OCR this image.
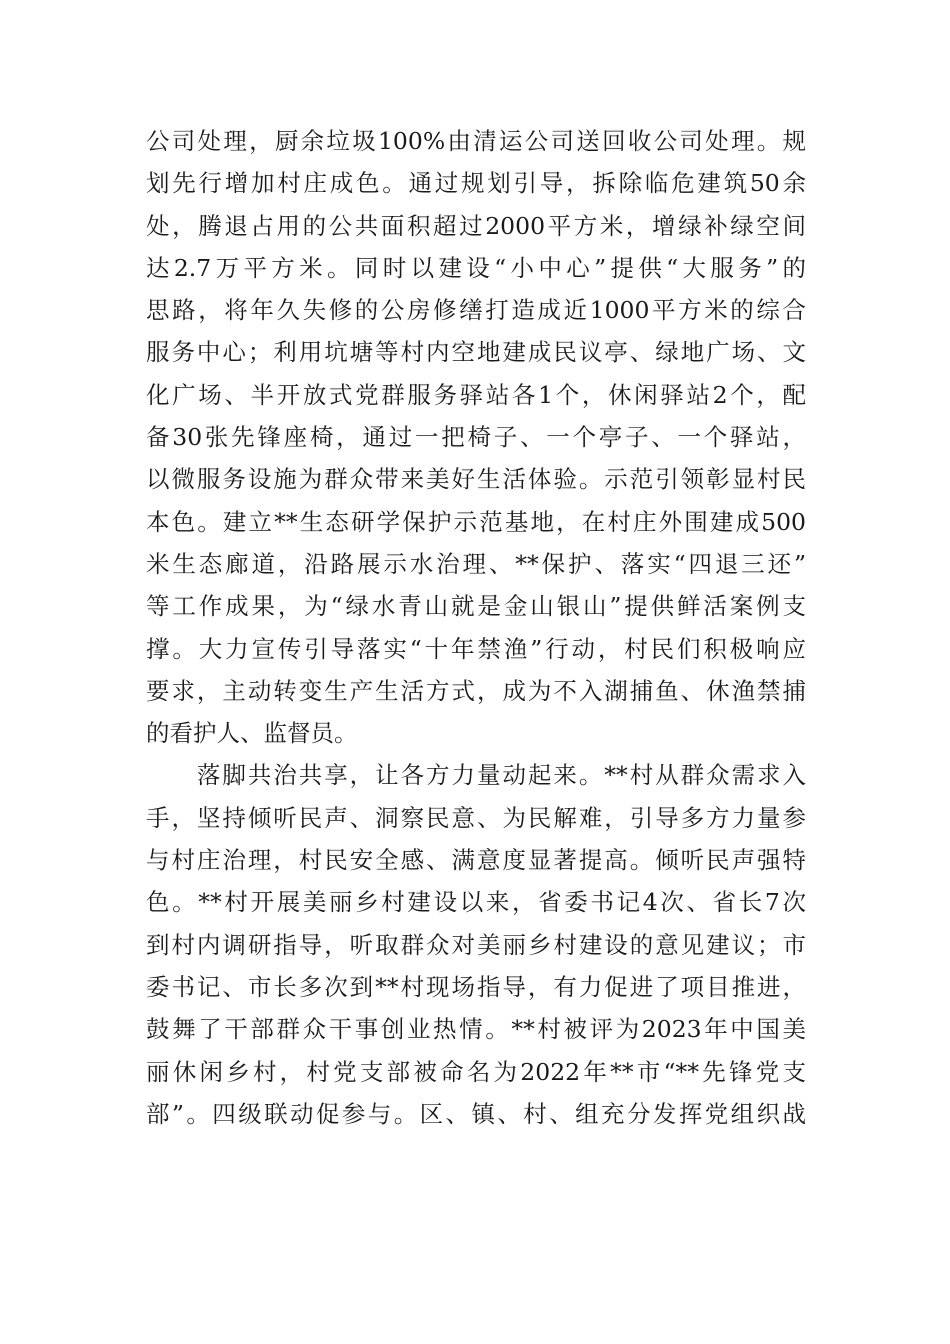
公司处理，厨余垃圾100%由清运公司送回收公司处理。规
划先行增加村庄成色。通过规划引导，拆除临危建筑50余
处，腾退占用的公共面积超过2000平方米，增绿补绿空间
达2.7万平方米。同时以建设“小中心”提供“大服务”的
思路，将年久失修的公房修缮打造成近1000平方米的综合
服务中心；利用坑塘等村内空地建成民议亭、绿地广场、文
化广场、半开放式党群服务驿站各1个，休闲驿站2个，配
备30张先锋座椅，通过一把椅子、一个亭子、一个驿站，
以微服务设施为群众带来美好生活体验。示范引领彰显村民
本色。建立**生态研学保护示范基地，在村庄外围建成500
米生态廊道，沿路展示水治理、**保护、落实“四退三还”
等工作成果，为“绿水青山就是金山银山”提供鲜活案例支
撑。大力宣传引导落实“十年禁渔”行动，村民们积极响应
要求，主动转变生产生活方式，成为不入湖捕鱼、休渔禁捕
的看护人、监督员。
　　落脚共治共享，让各方力量动起来。**村从群众需求入
手，坚持倾听民声、洞察民意、为民解难，引导多方力量参
与村庄治理，村民安全感、满意度显著提高。倾听民声强特
色。**村开展美丽乡村建设以来，省委书记4次、省长7次
到村内调研指导，听取群众对美丽乡村建设的意见建议；市
委书记、市长多次到**村现场指导，有力促进了项目推进，
鼓舞了干部群众干事创业热情。**村被评为2023年中国美
丽休闲乡村，村党支部被命名为2022年**市“**先锋党支
部”。四级联动促参与。区、镇、村、组充分发挥党组织战
